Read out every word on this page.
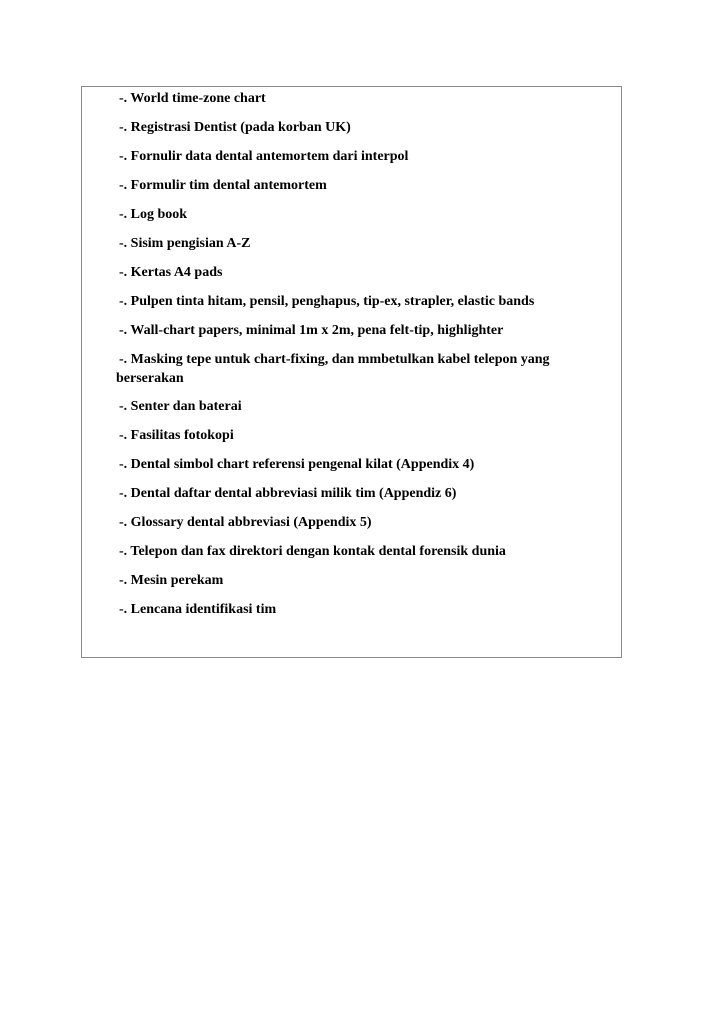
-. World time-zone chart
-. Registrasi Dentist (pada korban UK)
-. Fornulir data dental antemortem dari interpol
-. Formulir tim dental antemortem
-. Log book
-. Sisim pengisian A-Z
-. Kertas A4 pads
-. Pulpen tinta hitam, pensil, penghapus, tip-ex, strapler, elastic bands
-. Wall-chart papers, minimal 1m x 2m, pena felt-tip, highlighter
-. Masking tepe untuk chart-fixing, dan mmbetulkan kabel telepon yang
berserakan
-. Senter dan baterai
-. Fasilitas fotokopi
-. Dental simbol chart referensi pengenal kilat (Appendix 4)
-. Dental daftar dental abbreviasi milik tim (Appendiz 6)
-. Glossary dental abbreviasi (Appendix 5)
-. Telepon dan fax direktori dengan kontak dental forensik dunia
-. Mesin perekam
-. Lencana identifikasi tim
